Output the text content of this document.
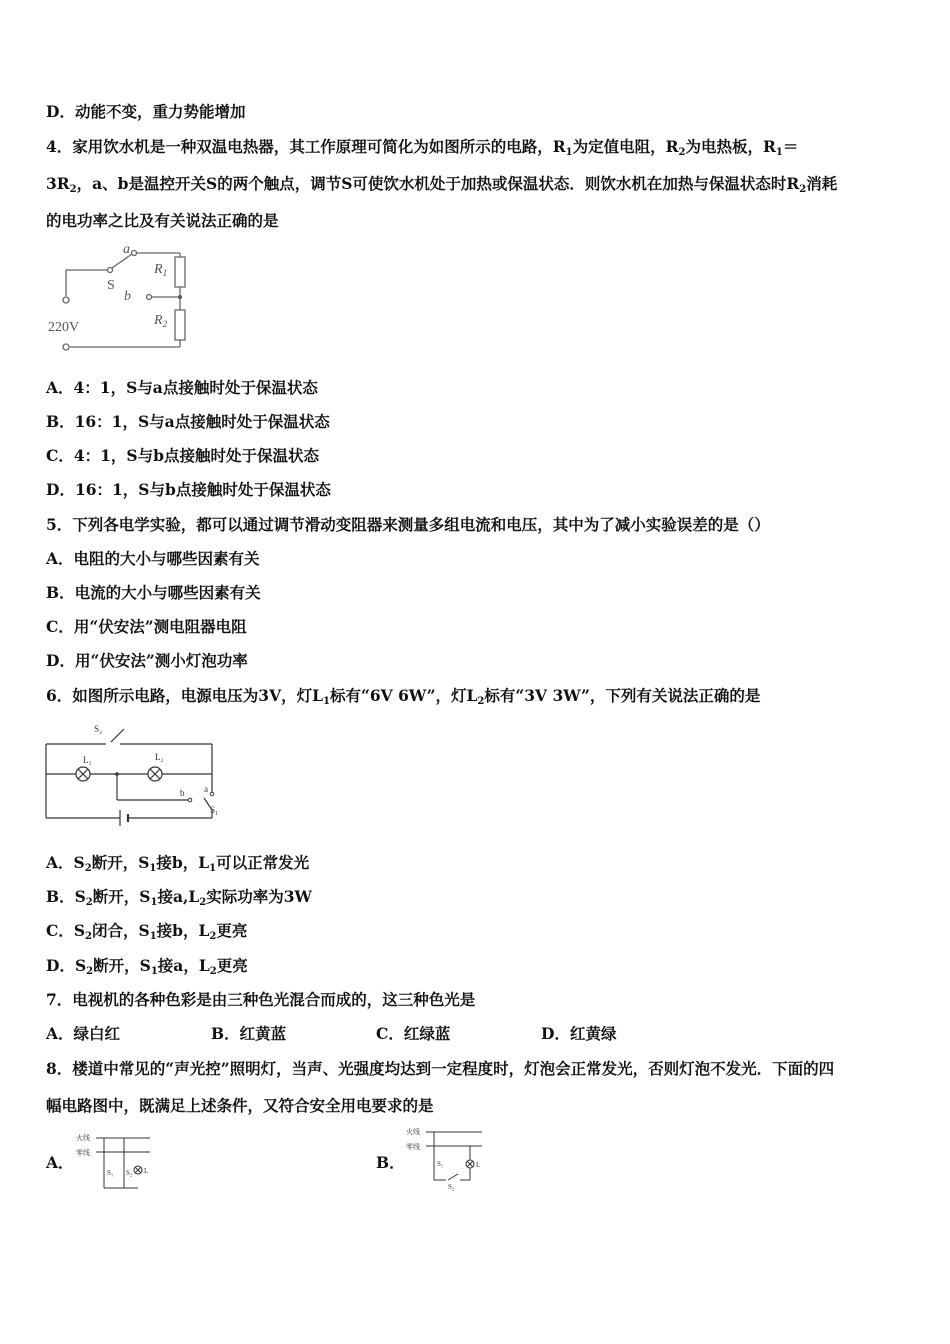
D．动能不变，重力势能增加
4．家用饮水机是一种双温电热器，其工作原理可简化为如图所示的电路，$R_1$为定值电阻，$R_2$为电热板，$R_1=$
$3R_2$，a、b是温控开关S的两个触点，调节S可使饮水机处于加热或保温状态．则饮水机在加热与保温状态时$R_2$消耗
的电功率之比及有关说法正确的是
a
b
$R_1$
$R_2$
S
220V
A．4：1，S与a点接触时处于保温状态
B．16：1，S与a点接触时处于保温状态
C．4：1，S与b点接触时处于保温状态
D．16：1，S与b点接触时处于保温状态
5．下列各电学实验，都可以通过调节滑动变阻器来测量多组电流和电压，其中为了减小实验误差的是（）
A．电阻的大小与哪些因素有关
B．电流的大小与哪些因素有关
C．用“伏安法”测电阻器电阻
D．用“伏安法”测小灯泡功率
6．如图所示电路，电源电压为3V，灯$L_1$标有“6V 6W”，灯$L_2$标有“3V 3W”，下列有关说法正确的是
S₂
L₁	L₂
b a
S₁
A．$S_2$断开，$S_1$接b，$L_1$可以正常发光
B．$S_2$断开，$S_1$接$a,L_2$实际功率为3W
C．$S_2$闭合，$S_1$接b，$L_2$更亮
D．$S_2$断开，$S_1$接a，$L_2$更亮
7．电视机的各种色彩是由三种色光混合而成的，这三种色光是
A．绿白红	B．红黄蓝	C．红绿蓝	D．红黄绿
8．楼道中常见的“声光控”照明灯，当声、光强度均达到一定程度时，灯泡会正常发光，否则灯泡不发光．下面的四
幅电路图中，既满足上述条件，又符合安全用电要求的是
A．
火线
零线
S₁ S₂ L	B．
火线
零线
S₁
S₂
L
